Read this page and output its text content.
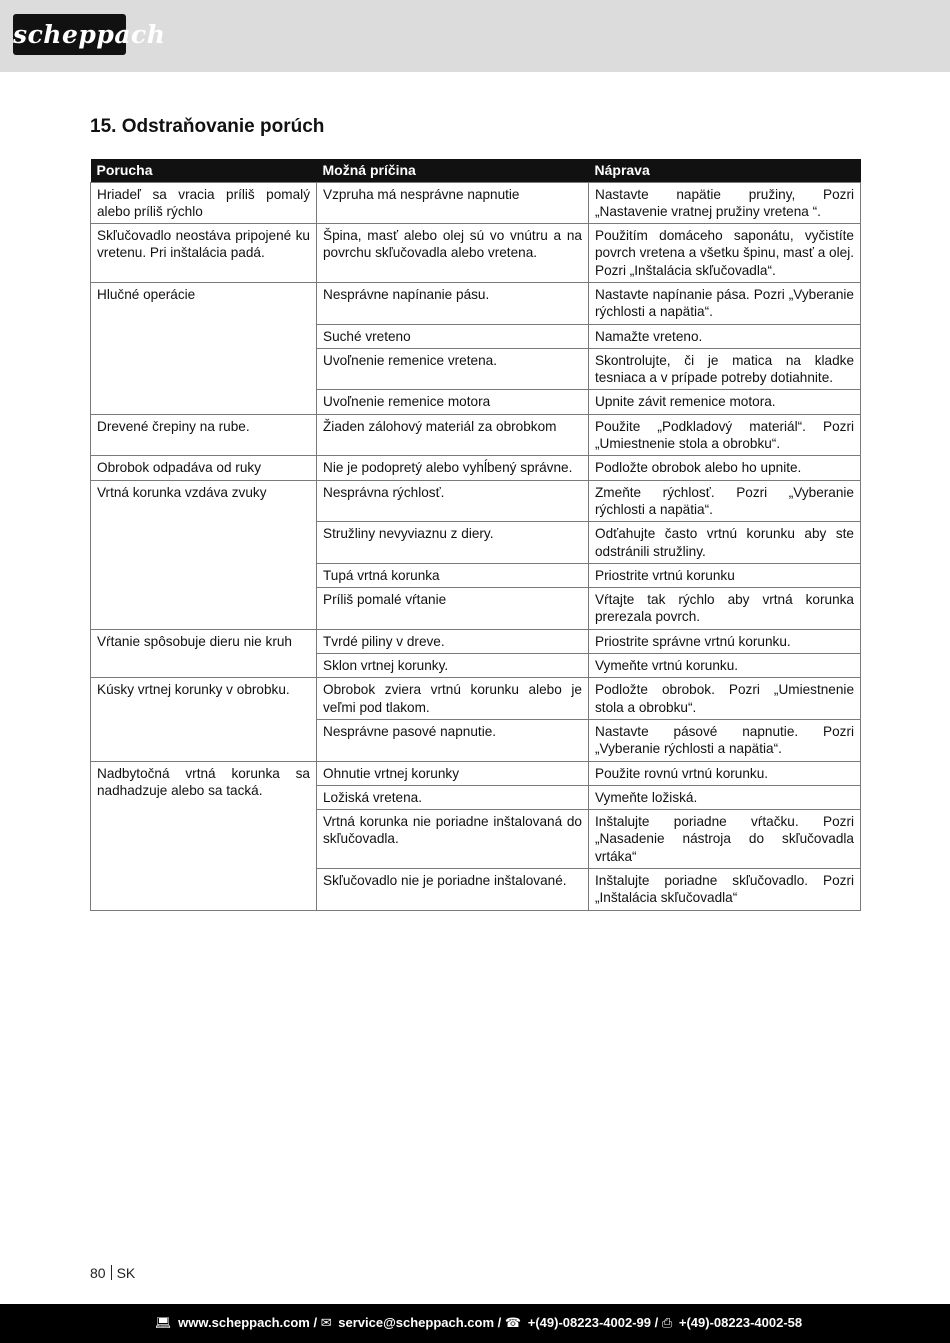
scheppach
15. Odstraňovanie porúch
Porucha	Možná príčina	Náprava
Hriadeľ sa vracia príliš pomalý alebo príliš rýchlo	Vzpruha má nesprávne napnutie	Nastavte napätie pružiny, Pozri „Nastavenie vratnej pružiny vretena “.
Skľučovadlo neostáva pripojené ku vretenu. Pri inštalácia padá.	Špina, masť alebo olej sú vo vnútru a na povrchu skľučovadla alebo vretena.	Použitím domáceho saponátu, vyčistíte povrch vretena a všetku špinu, masť a olej. Pozri „Inštalácia skľučovadla“.
Hlučné operácie	Nesprávne napínanie pásu.	Nastavte napínanie pása. Pozri „Vyberanie rýchlosti a napätia“.
	Suché vreteno	Namažte vreteno.
	Uvoľnenie remenice vretena.	Skontrolujte, či je matica na kladke tesniaca a v prípade potreby dotiahnite.
	Uvoľnenie remenice motora	Upnite závit remenice motora.
Drevené črepiny na rube.	Žiaden zálohový materiál za obrobkom	Použite „Podkladový materiál“. Pozri „Umiestnenie stola a obrobku“.
Obrobok odpadáva od ruky	Nie je podopretý alebo vyhĺbený správne.	Podložte obrobok alebo ho upnite.
Vrtná korunka vzdáva zvuky	Nesprávna rýchlosť.	Zmeňte rýchlosť. Pozri „Vyberanie rýchlosti a napätia“.
	Stružliny nevyviaznu z diery.	Odťahujte často vrtnú korunku aby ste odstránili stružliny.
	Tupá vrtná korunka	Priostrite vrtnú korunku
	Príliš pomalé vŕtanie	Vŕtajte tak rýchlo aby vrtná korunka prerezala povrch.
Vŕtanie spôsobuje dieru nie kruh	Tvrdé piliny v dreve.	Priostrite správne vrtnú korunku.
	Sklon vrtnej korunky.	Vymeňte vrtnú korunku.
Kúsky vrtnej korunky v obrobku.	Obrobok zviera vrtnú korunku alebo je veľmi pod tlakom.	Podložte obrobok. Pozri „Umiestnenie stola a obrobku“.
	Nesprávne pasové napnutie.	Nastavte pásové napnutie. Pozri „Vyberanie rýchlosti a napätia“.
Nadbytočná vrtná korunka sa nadhadzuje alebo sa tacká.	Ohnutie vrtnej korunky	Použite rovnú vrtnú korunku.
	Ložiská vretena.	Vymeňte ložiská.
	Vrtná korunka nie poriadne inštalovaná do skľučovadla.	Inštalujte poriadne vŕtačku. Pozri „Nasadenie nástroja do skľučovadla vrtáka“
	Skľučovadlo nie je poriadne inštalované.	Inštalujte poriadne skľučovadlo. Pozri „Inštalácia skľučovadla“
80 SK
💻︎ www.scheppach.com / ✉︎ service@scheppach.com / ☎︎ +(49)-08223-4002-99 / ⎙ +(49)-08223-4002-58
